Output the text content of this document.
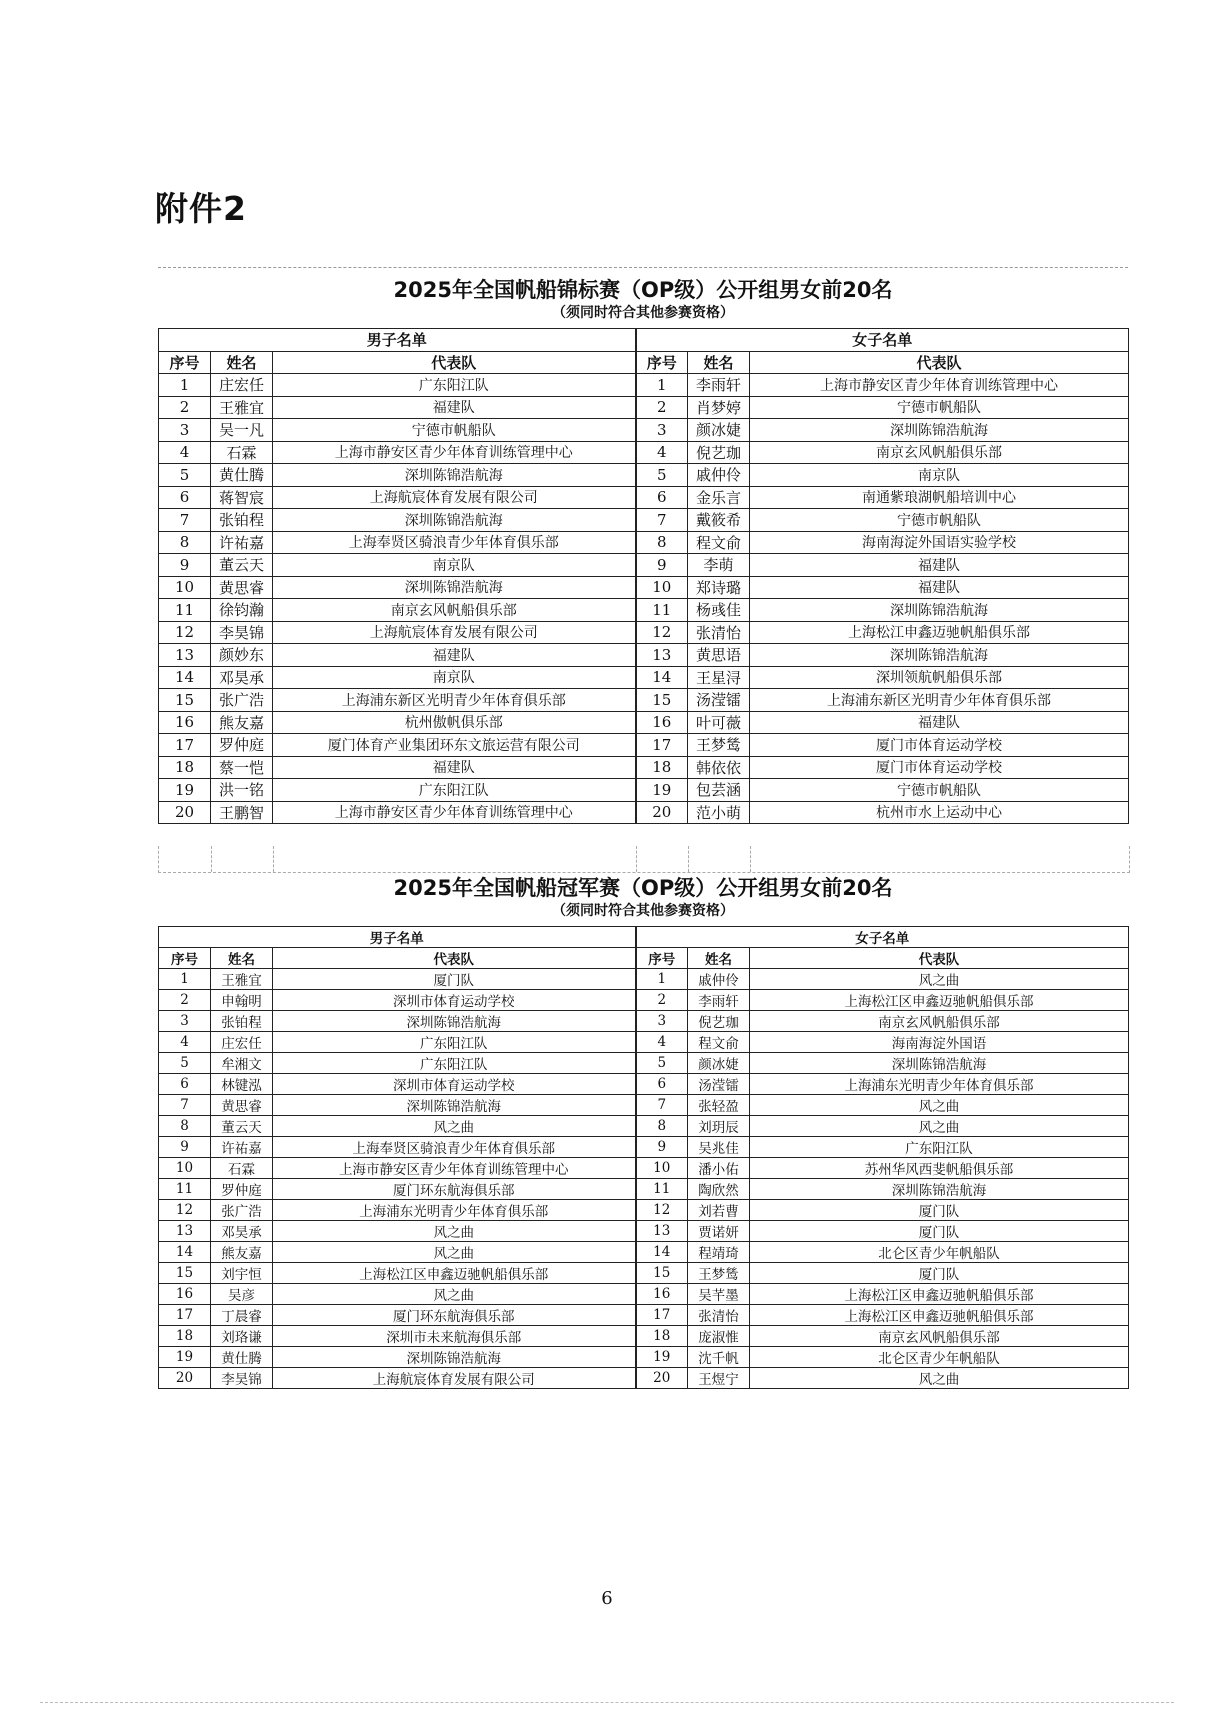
附件2
2025年全国帆船锦标赛（OP级）公开组男女前20名
（须同时符合其他参赛资格）
男子名单			女子名单		
序号	姓名	代表队	序号	姓名	代表队
1	庄宏任	广东阳江队	1	李雨轩	上海市静安区青少年体育训练管理中心
2	王雅宜	福建队	2	肖梦婷	宁德市帆船队
3	吴一凡	宁德市帆船队	3	颜冰婕	深圳陈锦浩航海
4	石霖	上海市静安区青少年体育训练管理中心	4	倪艺珈	南京玄风帆船俱乐部
5	黄仕腾	深圳陈锦浩航海	5	戚仲伶	南京队
6	蒋智宸	上海航宸体育发展有限公司	6	金乐言	南通紫琅湖帆船培训中心
7	张铂程	深圳陈锦浩航海	7	戴筱希	宁德市帆船队
8	许祐嘉	上海奉贤区骑浪青少年体育俱乐部	8	程文俞	海南海淀外国语实验学校
9	董云天	南京队	9	李萌	福建队
10	黄思睿	深圳陈锦浩航海	10	郑诗璐	福建队
11	徐钧瀚	南京玄风帆船俱乐部	11	杨彧佳	深圳陈锦浩航海
12	李昊锦	上海航宸体育发展有限公司	12	张清怡	上海松江申鑫迈驰帆船俱乐部
13	颜妙东	福建队	13	黄思语	深圳陈锦浩航海
14	邓昊承	南京队	14	王星浔	深圳领航帆船俱乐部
15	张广浩	上海浦东新区光明青少年体育俱乐部	15	汤滢镭	上海浦东新区光明青少年体育俱乐部
16	熊友嘉	杭州傲帆俱乐部	16	叶可薇	福建队
17	罗仲庭	厦门体育产业集团环东文旅运营有限公司	17	王梦鸶	厦门市体育运动学校
18	蔡一恺	福建队	18	韩依依	厦门市体育运动学校
19	洪一铭	广东阳江队	19	包芸涵	宁德市帆船队
20	王鹏智	上海市静安区青少年体育训练管理中心	20	范小萌	杭州市水上运动中心
2025年全国帆船冠军赛（OP级）公开组男女前20名
（须同时符合其他参赛资格）
男子名单			女子名单		
序号	姓名	代表队	序号	姓名	代表队
1	王雅宜	厦门队	1	戚仲伶	风之曲
2	申翰明	深圳市体育运动学校	2	李雨轩	上海松江区申鑫迈驰帆船俱乐部
3	张铂程	深圳陈锦浩航海	3	倪艺珈	南京玄风帆船俱乐部
4	庄宏任	广东阳江队	4	程文俞	海南海淀外国语
5	牟湘文	广东阳江队	5	颜冰婕	深圳陈锦浩航海
6	林键泓	深圳市体育运动学校	6	汤滢镭	上海浦东光明青少年体育俱乐部
7	黄思睿	深圳陈锦浩航海	7	张轻盈	风之曲
8	董云天	风之曲	8	刘玥辰	风之曲
9	许祐嘉	上海奉贤区骑浪青少年体育俱乐部	9	吴兆佳	广东阳江队
10	石霖	上海市静安区青少年体育训练管理中心	10	潘小佑	苏州华风西斐帆船俱乐部
11	罗仲庭	厦门环东航海俱乐部	11	陶欣然	深圳陈锦浩航海
12	张广浩	上海浦东光明青少年体育俱乐部	12	刘若曹	厦门队
13	邓昊承	风之曲	13	贾诺妍	厦门队
14	熊友嘉	风之曲	14	程靖琦	北仑区青少年帆船队
15	刘宇恒	上海松江区申鑫迈驰帆船俱乐部	15	王梦鸶	厦门队
16	吴彦	风之曲	16	吴芊墨	上海松江区申鑫迈驰帆船俱乐部
17	丁晨睿	厦门环东航海俱乐部	17	张清怡	上海松江区申鑫迈驰帆船俱乐部
18	刘珞谦	深圳市未来航海俱乐部	18	庞淑惟	南京玄风帆船俱乐部
19	黄仕腾	深圳陈锦浩航海	19	沈千帆	北仑区青少年帆船队
20	李昊锦	上海航宸体育发展有限公司	20	王煜宁	风之曲
6
